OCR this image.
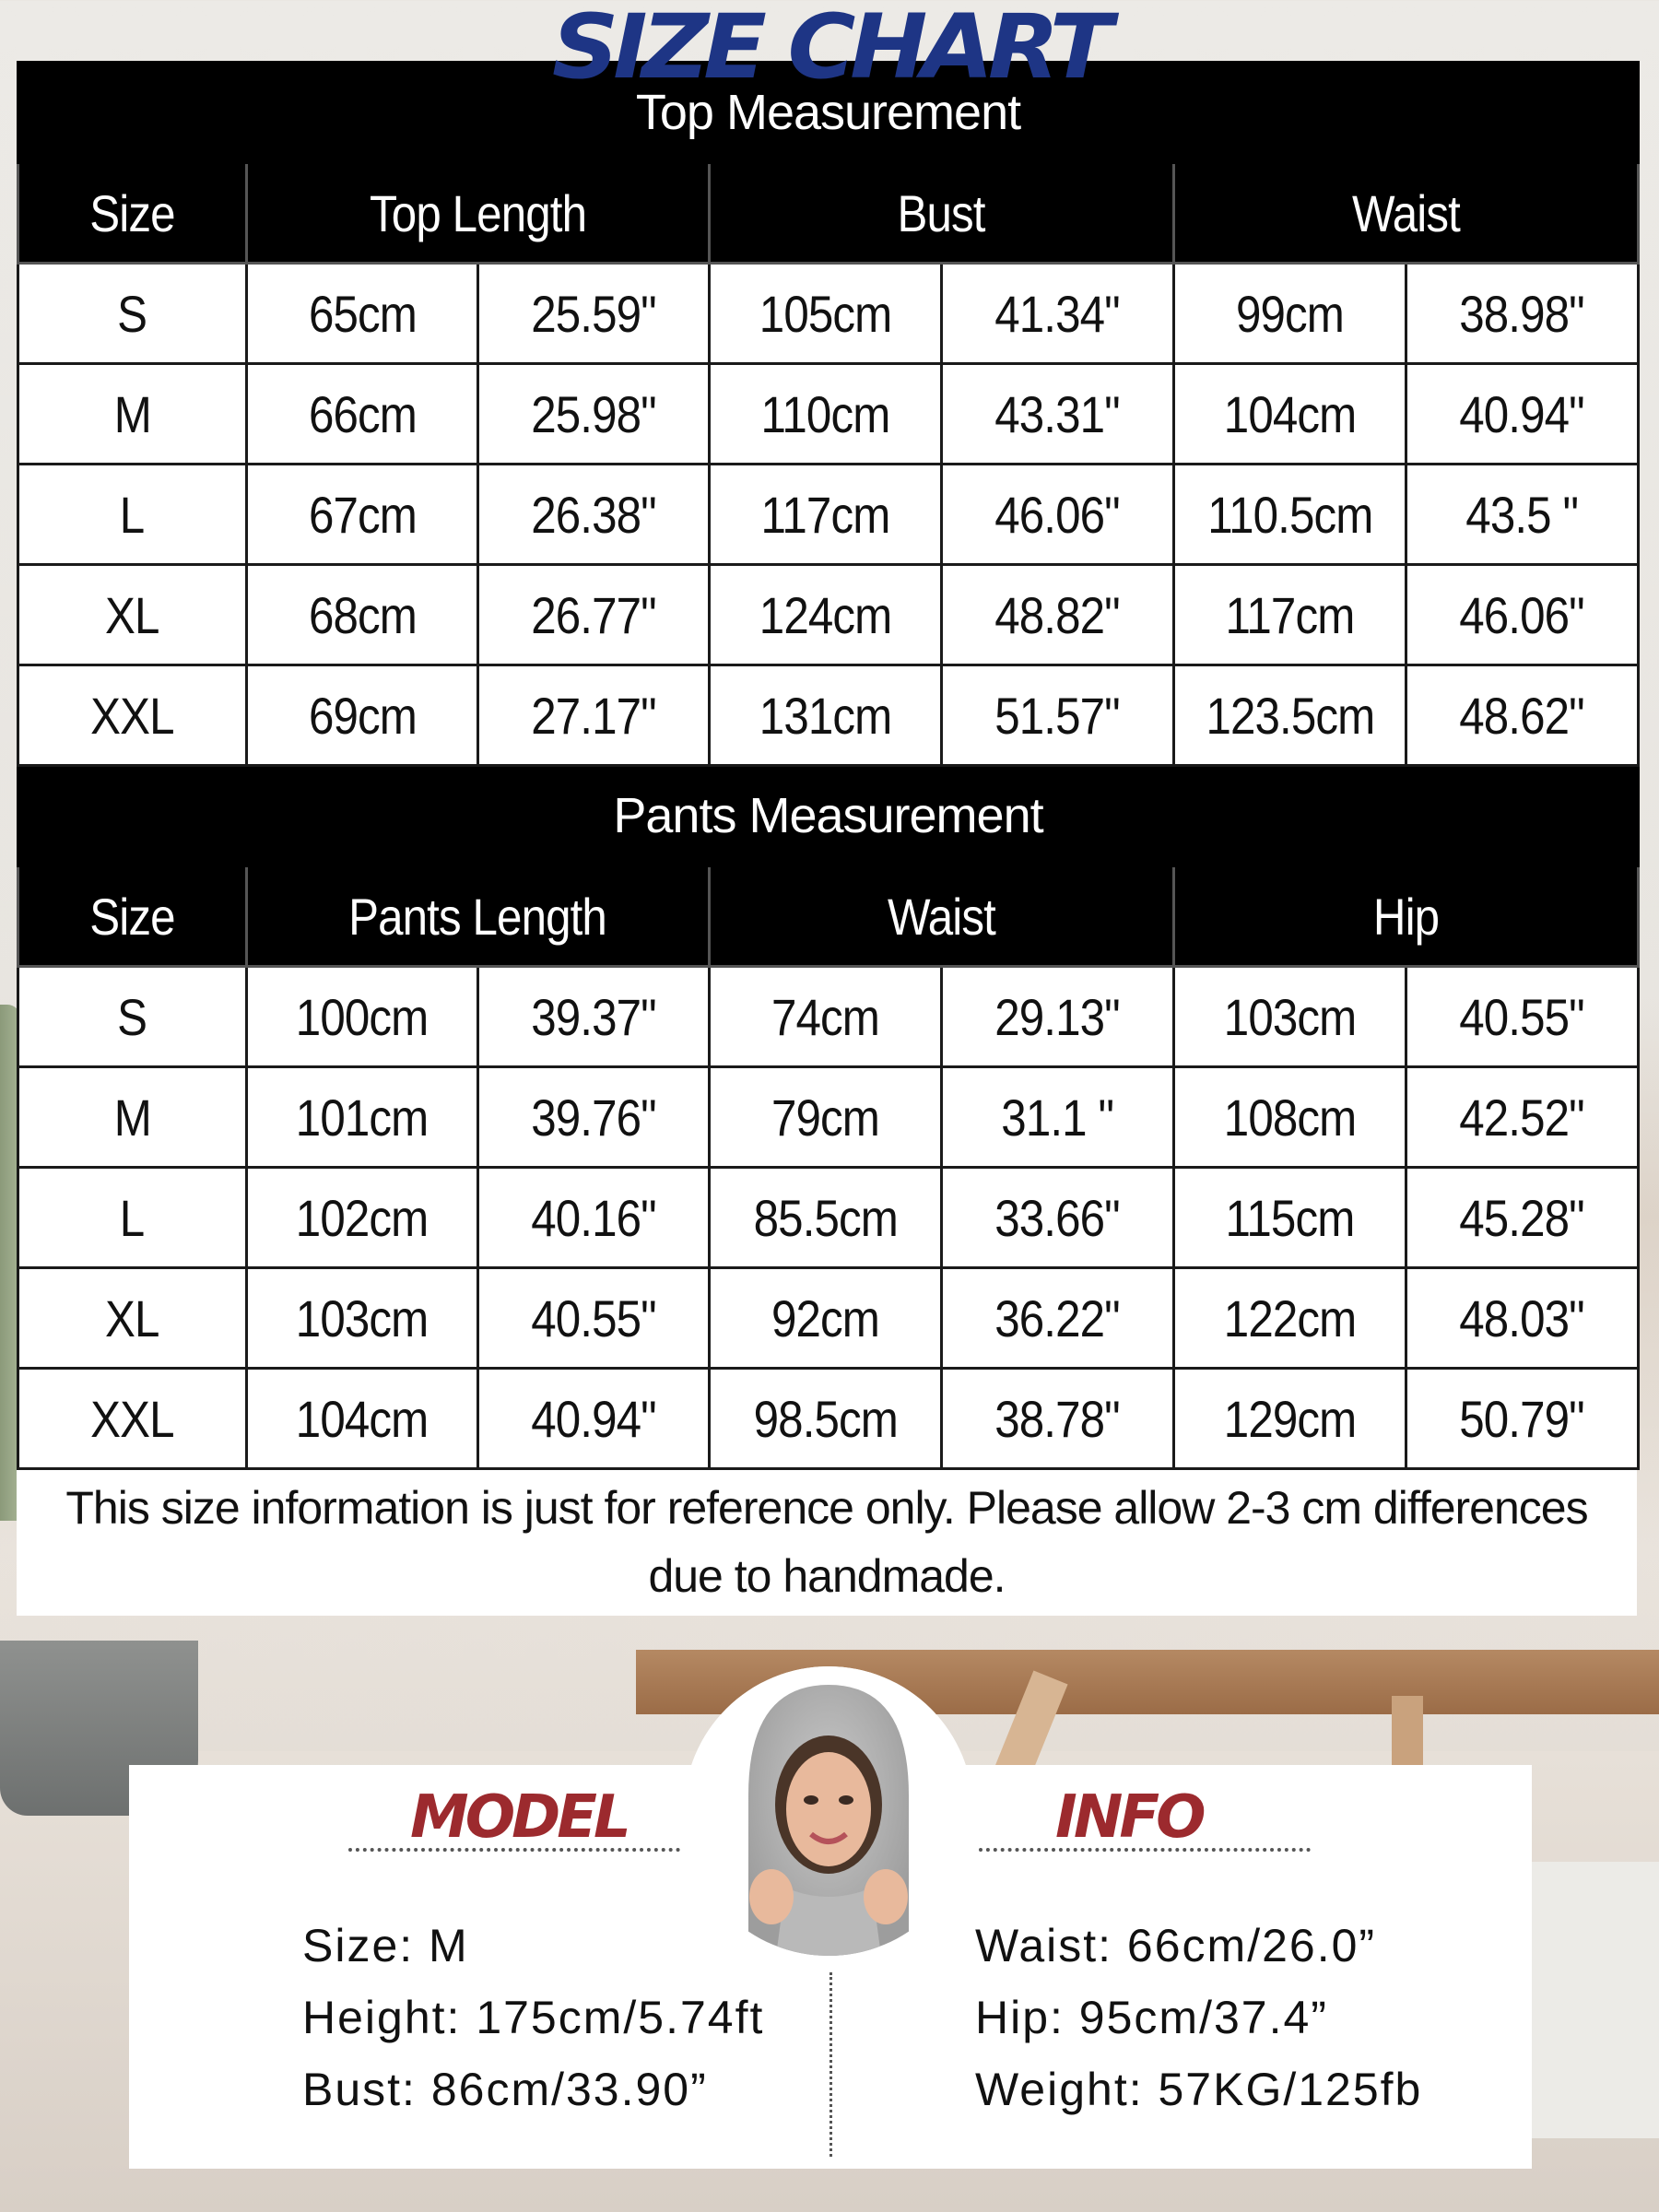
SIZE CHART
Top Measurement						
Size	Top Length		Bust		Waist	
S	65cm	25.59"	105cm	41.34"	99cm	38.98"
M	66cm	25.98"	110cm	43.31"	104cm	40.94"
L	67cm	26.38"	117cm	46.06"	110.5cm	43.5 "
XL	68cm	26.77"	124cm	48.82"	117cm	46.06"
XXL	69cm	27.17"	131cm	51.57"	123.5cm	48.62"
Pants Measurement						
Size	Pants Length		Waist		Hip	
S	100cm	39.37"	74cm	29.13"	103cm	40.55"
M	101cm	39.76"	79cm	31.1 "	108cm	42.52"
L	102cm	40.16"	85.5cm	33.66"	115cm	45.28"
XL	103cm	40.55"	92cm	36.22"	122cm	48.03"
XXL	104cm	40.94"	98.5cm	38.78"	129cm	50.79"
This size information is just for reference only. Please allow 2-3 cm differences
due to handmade.
MODEL	INFO
Size: M
Height: 175cm/5.74ft
Bust: 86cm/33.90”
Waist: 66cm/26.0”
Hip: 95cm/37.4”
Weight: 57KG/125fb
